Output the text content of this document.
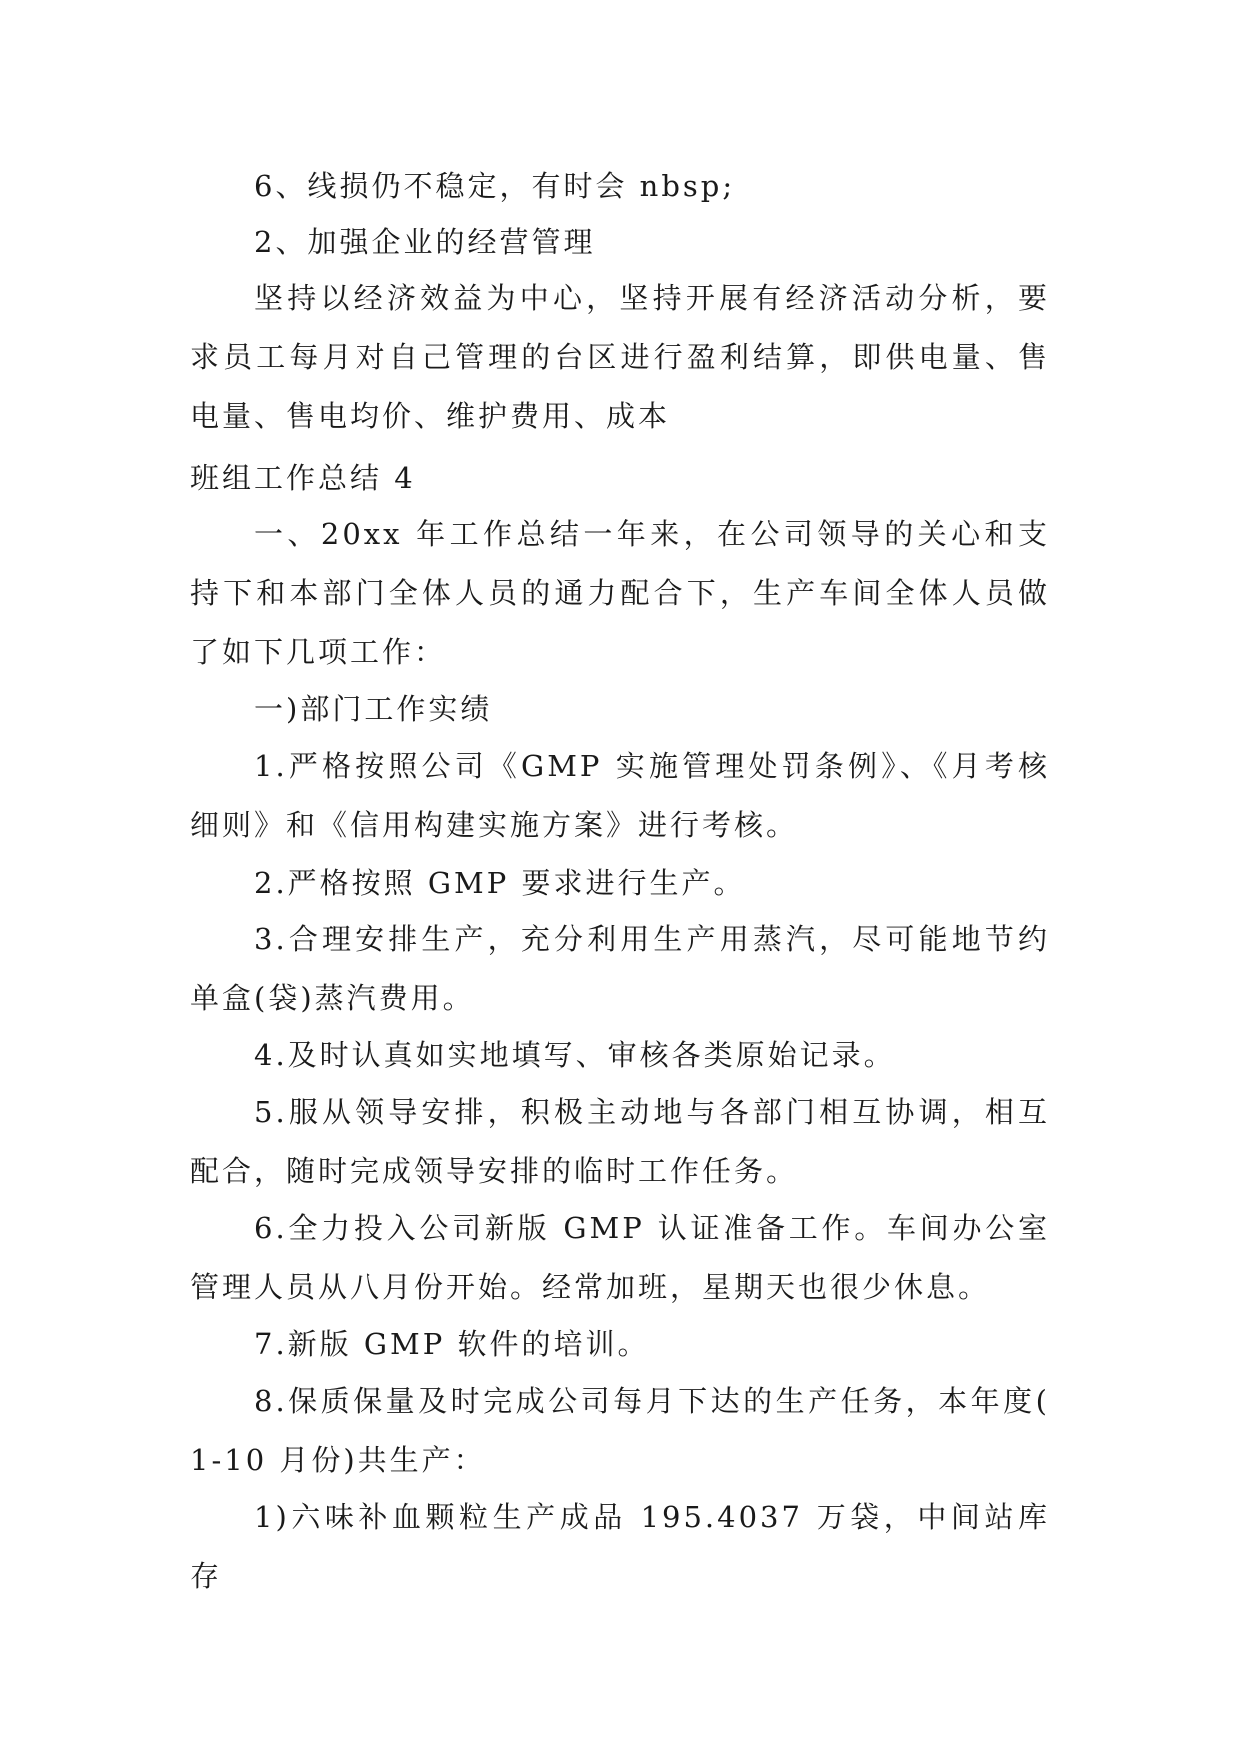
6、线损仍不稳定，有时会 nbsp;
2、加强企业的经营管理
坚持以经济效益为中心，坚持开展有经济活动分析，要求员工每月对自己管理的台区进行盈利结算，即供电量、售电量、售电均价、维护费用、成本
班组工作总结 4
一、20xx 年工作总结一年来，在公司领导的关心和支持下和本部门全体人员的通力配合下，生产车间全体人员做了如下几项工作：
一)部门工作实绩
1.严格按照公司《GMP 实施管理处罚条例》、《月考核细则》和《信用构建实施方案》进行考核。
2.严格按照 GMP 要求进行生产。
3.合理安排生产，充分利用生产用蒸汽，尽可能地节约单盒(袋)蒸汽费用。
4.及时认真如实地填写、审核各类原始记录。
5.服从领导安排，积极主动地与各部门相互协调，相互配合，随时完成领导安排的临时工作任务。
6.全力投入公司新版 GMP 认证准备工作。车间办公室管理人员从八月份开始。经常加班，星期天也很少休息。
7.新版 GMP 软件的培训。
8.保质保量及时完成公司每月下达的生产任务，本年度(1-10 月份)共生产：
1)六味补血颗粒生产成品 195.4037 万袋，中间站库存
